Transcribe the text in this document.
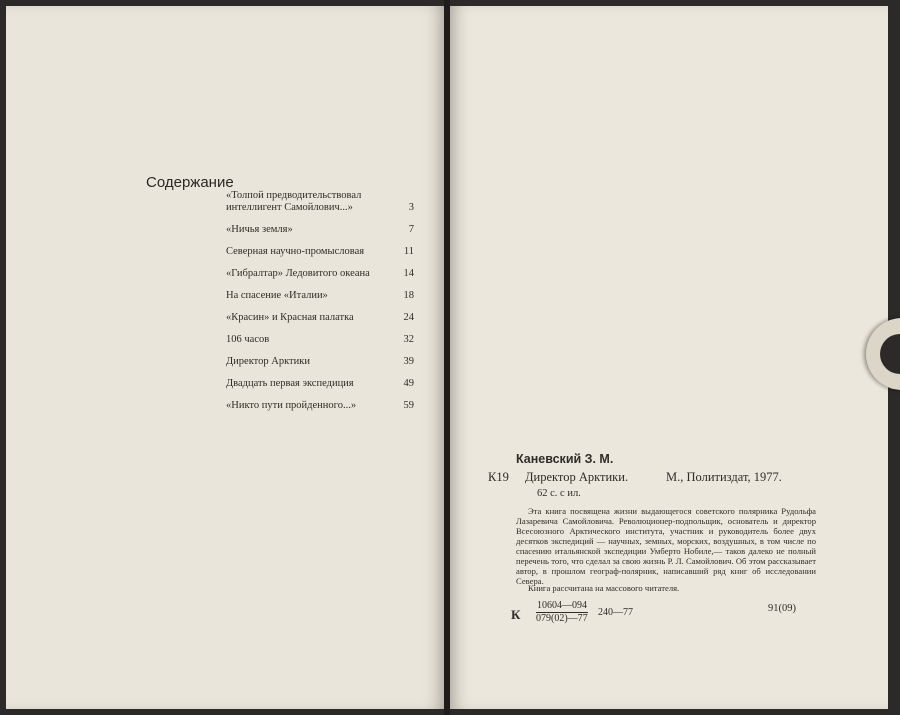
Содержание
«Толпой предводительствовал интеллигент Самойлович...»	3
«Ничья земля»	7
Северная научно-промысловая	11
«Гибралтар» Ледовитого океана	14
На спасение «Италии»	18
«Красин» и Красная палатка	24
106 часов	32
Директор Арктики	39
Двадцать первая экспедиция	49
«Никто пути пройденного...»	59
Каневский З. М.
К19 Директор Арктики.	М., Политиздат, 1977.
62 с. с ил.
Эта книга посвящена жизни выдающегося советского полярника Рудольфа Лазаревича Самойловича. Революционер-подпольщик, основатель и директор Всесоюзного Арктического института, участник и руководитель более двух десятков экспедиций — научных, земных, морских, воздушных, в том числе по спасению итальянской экспедиции Умберто Нобиле,— таков далеко не полный перечень того, что сделал за свою жизнь Р. Л. Самойлович. Об этом рассказывает автор, в прошлом географ-полярник, написавший ряд книг об исследовании Севера.
Книга рассчитана на массового читателя.
К $\frac{10604—094}{079(02)—77}$ 240—77	91(09)
